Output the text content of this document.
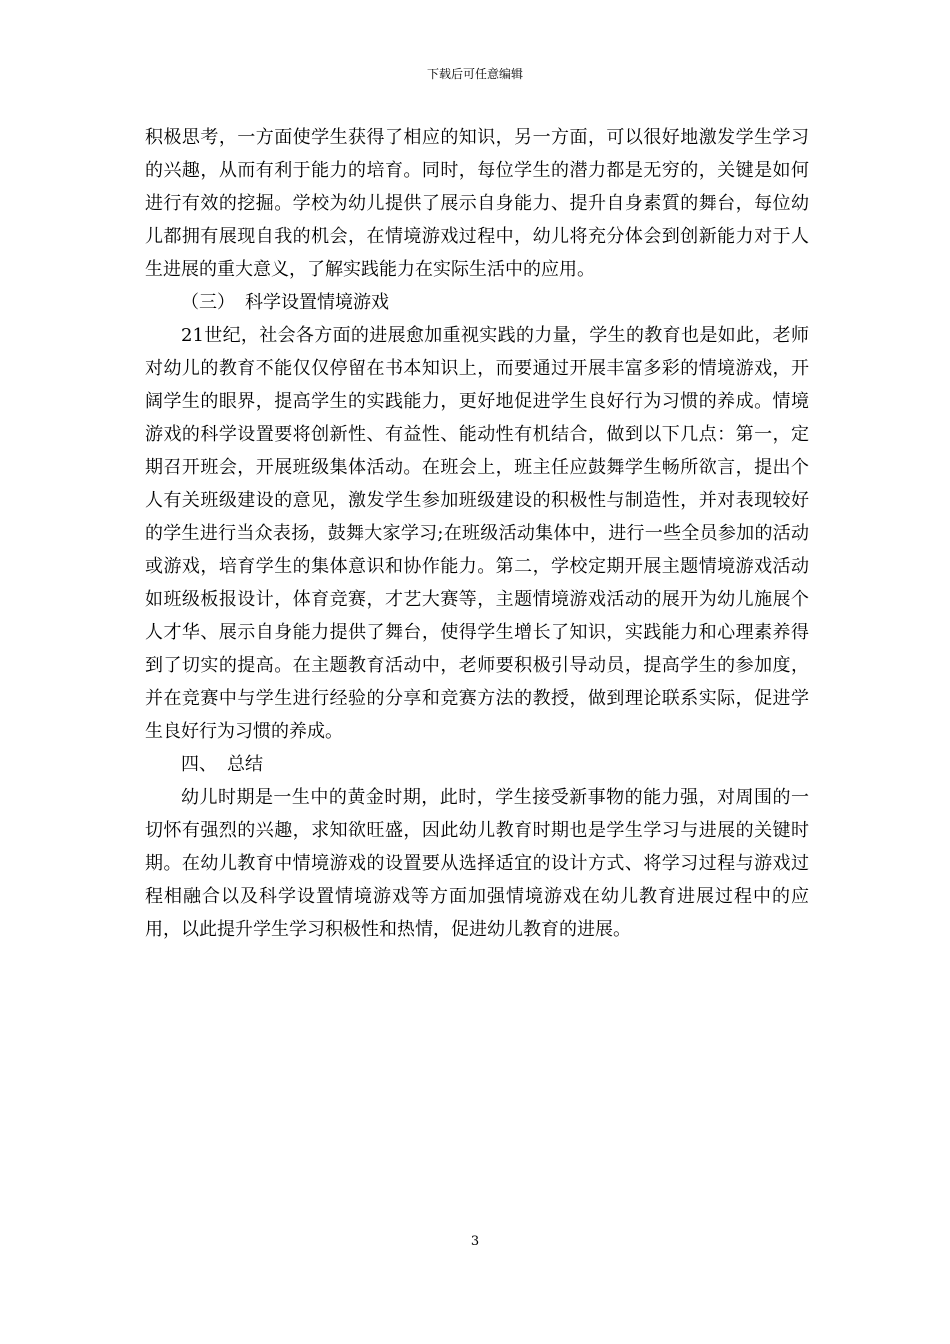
下载后可任意编辑

积极思考，一方面使学生获得了相应的知识，另一方面，可以很好地激发学生学习的兴趣，从而有利于能力的培育。同时，每位学生的潜力都是无穷的，关键是如何进行有效的挖掘。学校为幼儿提供了展示自身能力、提升自身素質的舞台，每位幼儿都拥有展现自我的机会，在情境游戏过程中，幼儿将充分体会到创新能力对于人生进展的重大意义，了解实践能力在实际生活中的应用。

（三） 科学设置情境游戏

21世纪，社会各方面的进展愈加重视实践的力量，学生的教育也是如此，老师对幼儿的教育不能仅仅停留在书本知识上，而要通过开展丰富多彩的情境游戏，开阔学生的眼界，提高学生的实践能力，更好地促进学生良好行为习惯的养成。情境游戏的科学设置要将创新性、有益性、能动性有机结合，做到以下几点：第一，定期召开班会，开展班级集体活动。在班会上，班主任应鼓舞学生畅所欲言，提出个人有关班级建设的意见，激发学生参加班级建设的积极性与制造性，并对表现较好的学生进行当众表扬，鼓舞大家学习;在班级活动集体中，进行一些全员参加的活动或游戏，培育学生的集体意识和协作能力。第二，学校定期开展主题情境游戏活动如班级板报设计，体育竞赛，才艺大赛等，主题情境游戏活动的展开为幼儿施展个人才华、展示自身能力提供了舞台，使得学生增长了知识，实践能力和心理素养得到了切实的提高。在主题教育活动中，老师要积极引导动员，提高学生的参加度，并在竞赛中与学生进行经验的分享和竞赛方法的教授，做到理论联系实际，促进学生良好行为习惯的养成。

四、 总结

幼儿时期是一生中的黄金时期，此时，学生接受新事物的能力强，对周围的一切怀有强烈的兴趣，求知欲旺盛，因此幼儿教育时期也是学生学习与进展的关键时期。在幼儿教育中情境游戏的设置要从选择适宜的设计方式、将学习过程与游戏过程相融合以及科学设置情境游戏等方面加强情境游戏在幼儿教育进展过程中的应用，以此提升学生学习积极性和热情，促进幼儿教育的进展。

3
